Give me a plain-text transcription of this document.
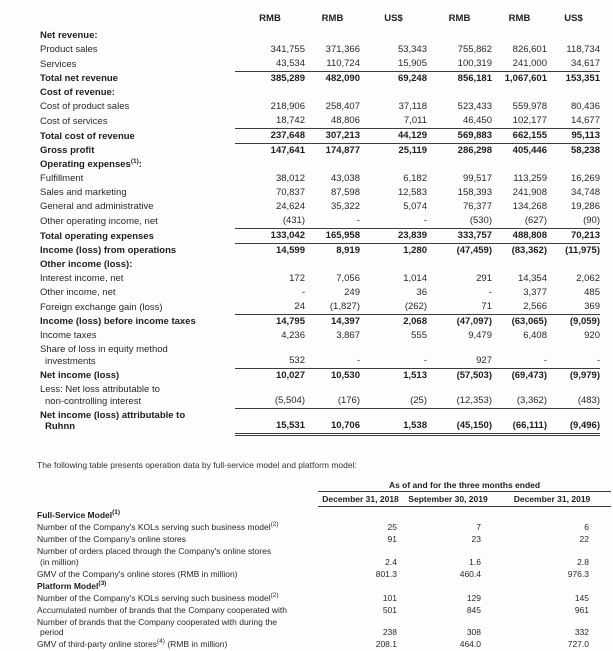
	RMB	RMB	US$	RMB	RMB	US$

Net revenue:						

Product sales	341,755	371,366	53,343	755,862	826,601	118,734

Services	43,534	110,724	15,905	100,319	241,000	34,617

Total net revenue	385,289	482,090	69,248	856,181	1,067,601	153,351

Cost of revenue:						

Cost of product sales	218,906	258,407	37,118	523,433	559,978	80,436

Cost of services	18,742	48,806	7,011	46,450	102,177	14,677

Total cost of revenue	237,648	307,213	44,129	569,883	662,155	95,113

Gross profit	147,641	174,877	25,119	286,298	405,446	58,238

Operating expenses$^{(1)}$:						

Fulfillment	38,012	43,038	6,182	99,517	113,259	16,269

Sales and marketing	70,837	87,598	12,583	158,393	241,908	34,748

General and administrative	24,624	35,322	5,074	76,377	134,268	19,286

Other operating income, net	(431)	-	-	(530)	(627)	(90)

Total operating expenses	133,042	165,958	23,839	333,757	488,808	70,213

Income (loss) from operations	14,599	8,919	1,280	(47,459)	(83,362)	(11,975)

Other income (loss):						

Interest income, net	172	7,056	1,014	291	14,354	2,062

Other income, net	-	249	36	-	3,377	485

Foreign exchange gain (loss)	24	(1,827)	(262)	71	2,566	369

Income (loss) before income taxes	14,795	14,397	2,068	(47,097)	(63,065)	(9,059)

Income taxes	4,236	3,867	555	9,479	6,408	920

Share of loss in equity method
investments	532	-	-	927	-	-

Net income (loss)	10,027	10,530	1,513	(57,503)	(69,473)	(9,979)

Less: Net loss attributable to
non-controlling interest	(5,504)	(176)	(25)	(12,353)	(3,362)	(483)

Net income (loss) attributable to
Ruhnn	15,531	10,706	1,538	(45,150)	(66,111)	(9,496)

The following table presents operation data by full-service model and platform model:

	As of and for the three months ended		
	December 31, 2018	September 30, 2019	December 31, 2019

Full-Service Model$^{(1)}$

Number of the Company's KOLs serving such business model$^{(2)}$	25	7	6

Number of the Company's online stores	91	23	22

Number of orders placed through the Company's online stores
(in million)	2.4	1.6	2.8

GMV of the Company's online stores (RMB in million)	801.3	460.4	976.3

Platform Model$^{(3)}$

Number of the Company's KOLs serving such business model$^{(2)}$	101	129	145

Accumulated number of brands that the Company cooperated with	501	845	961

Number of brands that the Company cooperated with during the
period	238	308	332

GMV of third-party online stores$^{(4)}$ (RMB in million)	208.1	464.0	727.0
